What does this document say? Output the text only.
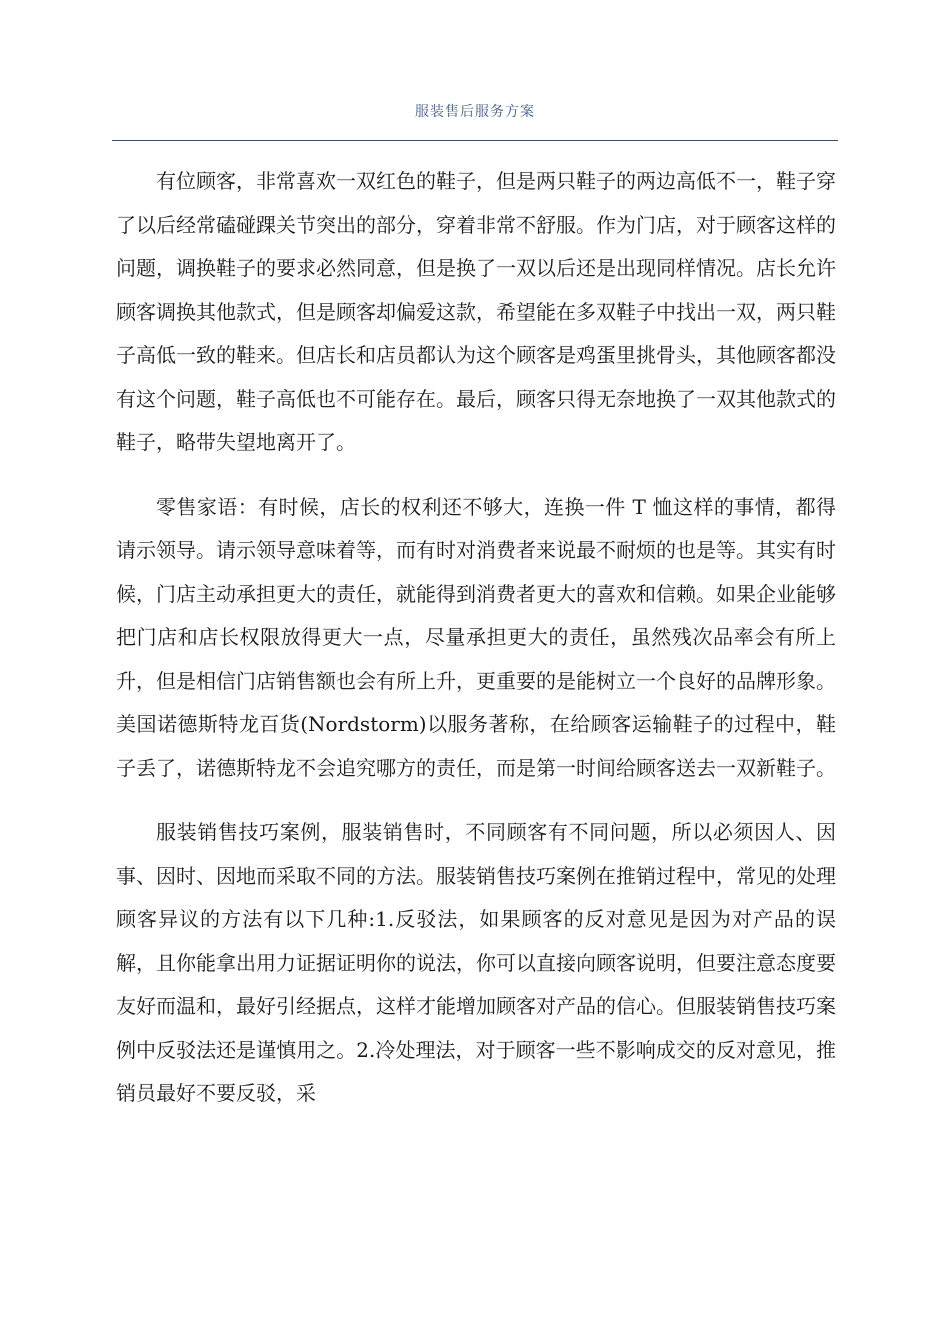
服装售后服务方案

有位顾客，非常喜欢一双红色的鞋子，但是两只鞋子的两边高低不一，鞋子穿了以后经常磕碰踝关节突出的部分，穿着非常不舒服。作为门店，对于顾客这样的问题，调换鞋子的要求必然同意，但是换了一双以后还是出现同样情况。店长允许顾客调换其他款式，但是顾客却偏爱这款，希望能在多双鞋子中找出一双，两只鞋子高低一致的鞋来。但店长和店员都认为这个顾客是鸡蛋里挑骨头，其他顾客都没有这个问题，鞋子高低也不可能存在。最后，顾客只得无奈地换了一双其他款式的鞋子，略带失望地离开了。

零售家语：有时候，店长的权利还不够大，连换一件 T 恤这样的事情，都得请示领导。请示领导意味着等，而有时对消费者来说最不耐烦的也是等。其实有时候，门店主动承担更大的责任，就能得到消费者更大的喜欢和信赖。如果企业能够把门店和店长权限放得更大一点，尽量承担更大的责任，虽然残次品率会有所上升，但是相信门店销售额也会有所上升，更重要的是能树立一个良好的品牌形象。美国诺德斯特龙百货(Nordstorm)以服务著称，在给顾客运输鞋子的过程中，鞋子丢了，诺德斯特龙不会追究哪方的责任，而是第一时间给顾客送去一双新鞋子。

服装销售技巧案例，服装销售时，不同顾客有不同问题，所以必须因人、因事、因时、因地而采取不同的方法。服装销售技巧案例在推销过程中，常见的处理顾客异议的方法有以下几种:1.反驳法，如果顾客的反对意见是因为对产品的误解，且你能拿出用力证据证明你的说法，你可以直接向顾客说明，但要注意态度要友好而温和，最好引经据点，这样才能增加顾客对产品的信心。但服装销售技巧案例中反驳法还是谨慎用之。2.冷处理法，对于顾客一些不影响成交的反对意见，推销员最好不要反驳，采
